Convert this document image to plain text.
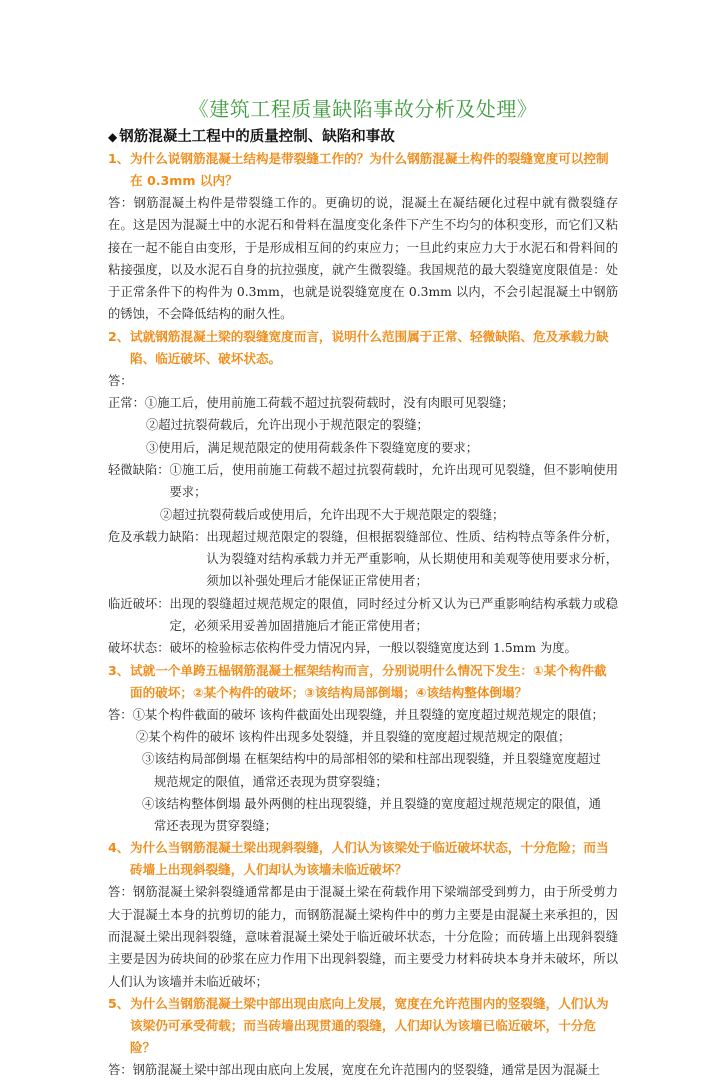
《建筑工程质量缺陷事故分析及处理》

◆ 钢筋混凝土工程中的质量控制、缺陷和事故

1、为什么说钢筋混凝土结构是带裂缝工作的？为什么钢筋混凝土构件的裂缝宽度可以控制在 0.3mm 以内？

答：钢筋混凝土构件是带裂缝工作的。更确切的说，混凝土在凝结硬化过程中就有微裂缝存在。这是因为混凝土中的水泥石和骨料在温度变化条件下产生不均匀的体积变形，而它们又粘接在一起不能自由变形，于是形成相互间的约束应力；一旦此约束应力大于水泥石和骨料间的粘接强度，以及水泥石自身的抗拉强度，就产生微裂缝。我国规范的最大裂缝宽度限值是：处于正常条件下的构件为 0.3mm，也就是说裂缝宽度在 0.3mm 以内，不会引起混凝土中钢筋的锈蚀，不会降低结构的耐久性。

2、试就钢筋混凝土梁的裂缝宽度而言，说明什么范围属于正常、轻微缺陷、危及承载力缺陷、临近破坏、破坏状态。

答：

正常： ①施工后，使用前施工荷载不超过抗裂荷载时，没有肉眼可见裂缝；

②超过抗裂荷载后，允许出现小于规范限定的裂缝；

③使用后，满足规范限定的使用荷载条件下裂缝宽度的要求；

轻微缺陷： ①施工后，使用前施工荷载不超过抗裂荷载时，允许出现可见裂缝，但不影响使用要求；

②超过抗裂荷载后或使用后，允许出现不大于规范限定的裂缝；

危及承载力缺陷： 出现超过规范限定的裂缝，但根据裂缝部位、性质、结构特点等条件分析，认为裂缝对结构承载力并无严重影响，从长期使用和美观等使用要求分析，须加以补强处理后才能保证正常使用者；
临近破坏： 出现的裂缝超过规范规定的限值，同时经过分析又认为已严重影响结构承载力或稳定，必须采用妥善加固措施后才能正常使用者；
破坏状态： 破坏的检验标志依构件受力情况内异，一般以裂缝宽度达到 1.5mm 为度。

3、试就一个单跨五榀钢筋混凝土框架结构而言，分别说明什么情况下发生：①某个构件截面的破坏；②某个构件的破坏；③该结构局部倒塌；④该结构整体倒塌？

答：①某个构件截面的破坏 该构件截面处出现裂缝，并且裂缝的宽度超过规范规定的限值；

②某个构件的破坏 该构件出现多处裂缝，并且裂缝的宽度超过规范规定的限值；

③该结构局部倒塌 在框架结构中的局部相邻的梁和柱部出现裂缝，并且裂缝宽度超过

规范规定的限值，通常还表现为贯穿裂缝；

④该结构整体倒塌 最外两侧的柱出现裂缝，并且裂缝的宽度超过规范规定的限值，通

常还表现为贯穿裂缝；

4、为什么当钢筋混凝土梁出现斜裂缝，人们认为该梁处于临近破坏状态，十分危险；而当砖墙上出现斜裂缝，人们却认为该墙未临近破坏？

答：钢筋混凝土梁斜裂缝通常都是由于混凝土梁在荷载作用下梁端部受到剪力，由于所受剪力大于混凝土本身的抗剪切的能力，而钢筋混凝土梁构件中的剪力主要是由混凝土来承担的，因而混凝土梁出现斜裂缝，意味着混凝土梁处于临近破坏状态，十分危险；而砖墙上出现斜裂缝主要是因为砖块间的砂浆在应力作用下出现斜裂缝，而主要受力材料砖块本身并未破坏，所以人们认为该墙并未临近破坏；

5、为什么当钢筋混凝土梁中部出现由底向上发展，宽度在允许范围内的竖裂缝，人们认为该梁仍可承受荷载；而当砖墙出现贯通的裂缝，人们却认为该墙已临近破坏，十分危险？

答：钢筋混凝土梁中部出现由底向上发展，宽度在允许范围内的竖裂缝，通常是因为混凝土
